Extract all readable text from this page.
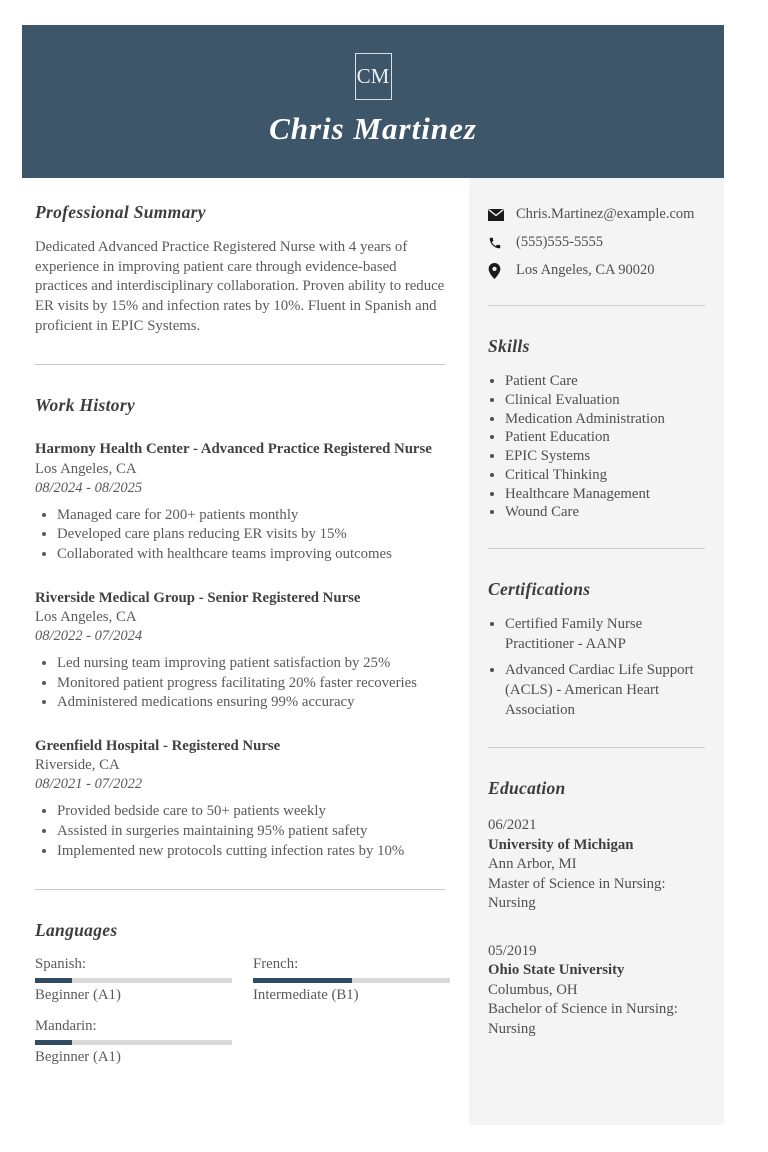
CM
Chris Martinez
Professional Summary

Dedicated Advanced Practice Registered Nurse with 4 years of experience in improving patient care through evidence-based practices and interdisciplinary collaboration. Proven ability to reduce ER visits by 15% and infection rates by 10%. Fluent in Spanish and proficient in EPIC Systems.

Work History
Harmony Health Center - Advanced Practice Registered Nurse
Los Angeles, CA
08/2024 - 08/2025
• Managed care for 200+ patients monthly
• Developed care plans reducing ER visits by 15%
• Collaborated with healthcare teams improving outcomes
Riverside Medical Group - Senior Registered Nurse
Los Angeles, CA
08/2022 - 07/2024
• Led nursing team improving patient satisfaction by 25%
• Monitored patient progress facilitating 20% faster recoveries
• Administered medications ensuring 99% accuracy
Greenfield Hospital - Registered Nurse
Riverside, CA
08/2021 - 07/2022
• Provided bedside care to 50+ patients weekly
• Assisted in surgeries maintaining 95% patient safety
• Implemented new protocols cutting infection rates by 10%
Languages
Spanish:
Beginner (A1)
French:
Intermediate (B1)
Mandarin:
Beginner (A1)
Chris.Martinez@example.com
(555)555-5555
Los Angeles, CA 90020
Skills
• Patient Care
• Clinical Evaluation
• Medication Administration
• Patient Education
• EPIC Systems
• Critical Thinking
• Healthcare Management
• Wound Care
Certifications
• Certified Family Nurse Practitioner - AANP
• Advanced Cardiac Life Support (ACLS) - American Heart Association
Education
06/2021
University of Michigan
Ann Arbor, MI
Master of Science in Nursing: Nursing
05/2019
Ohio State University
Columbus, OH
Bachelor of Science in Nursing: Nursing
